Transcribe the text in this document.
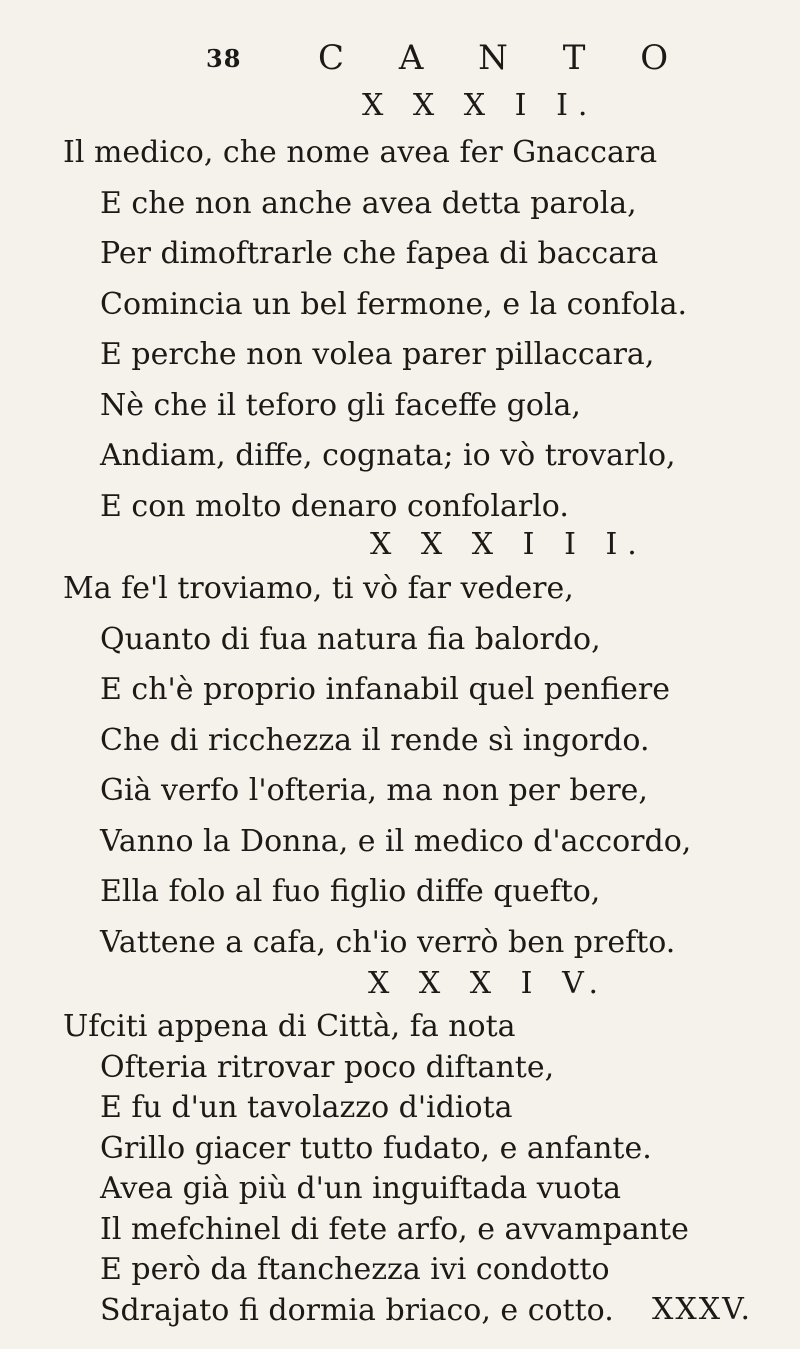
38 C A N T O
XXXV.
X X X I I.
Il medico, che nome avea fer Gnaccara
E che non anche avea detta parola,
Per dimoftrarle che fapea di baccara
Comincia un bel fermone, e la confola.
E perche non volea parer pillaccara,
Nè che il teforo gli faceffe gola,
Andiam, diffe, cognata; io vò trovarlo,
E con molto denaro confolarlo.
X X X I I I.
Ma fe'l troviamo, ti vò far vedere,
Quanto di fua natura fia balordo,
E ch'è proprio infanabil quel penfiere
Che di ricchezza il rende sì ingordo.
Già verfo l'ofteria, ma non per bere,
Vanno la Donna, e il medico d'accordo,
Ella folo al fuo figlio diffe quefto,
Vattene a cafa, ch'io verrò ben prefto.
X X X I V.
Ufciti appena di Città, fa nota
Ofteria ritrovar poco diftante,
E fu d'un tavolazzo d'idiota
Grillo giacer tutto fudato, e anfante.
Avea già più d'un inguiftada vuota
Il mefchinel di fete arfo, e avvampante
E però da ftanchezza ivi condotto
Sdrajato fi dormia briaco, e cotto.
